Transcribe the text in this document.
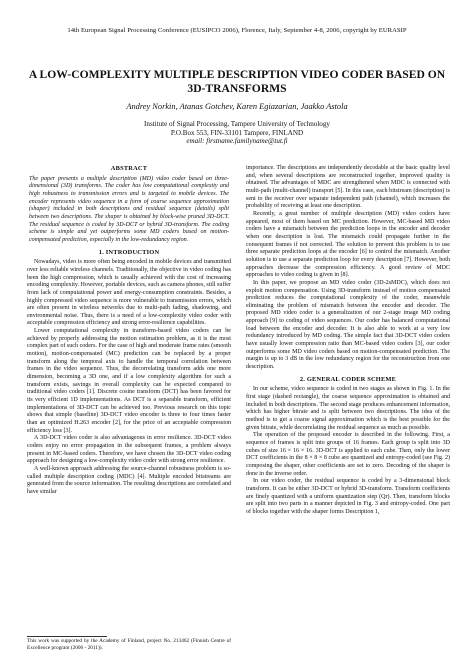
14th European Signal Processing Conference (EUSIPCO 2006), Florence, Italy, September 4-8, 2006, copyright by EURASIP
A LOW-COMPLEXITY MULTIPLE DESCRIPTION VIDEO CODER BASED ON
3D-TRANSFORMS
Andrey Norkin, Atanas Gotchev, Karen Egiazarian, Jaakko Astola
Institute of Signal Processing, Tampere University of Technology
P.O.Box 553, FIN-33101 Tampere, FINLAND
email: firstname.familyname@tut.fi
ABSTRACT
The paper presents a multiple description (MD) video coder based on three-dimensional (3D) transforms. The coder has low computational complexity and high robustness to transmission errors and is targeted to mobile devices. The encoder represents video sequence in a form of coarse sequence approximation (shaper) included in both descriptions and residual sequence (details) split between two descriptions. The shaper is obtained by block-wise pruned 3D-DCT. The residual sequence is coded by 3D-DCT or hybrid 3D-transform. The coding scheme is simple and yet outperforms some MD coders based on motion-compensated prediction, especially in the low-redundancy region.
1. INTRODUCTION

Nowadays, video is more often being encoded in mobile devices and transmitted over less reliable wireless channels. Traditionally, the objective in video coding has been the high compression, which is usually achieved with the cost of increasing encoding complexity. However, portable devices, such as camera phones, still suffer from lack of computational power and energy-consumption constraints. Besides, a highly compressed video sequence is more vulnerable to transmission errors, which are often present in wireless networks due to multi-path fading, shadowing, and environmental noise. Thus, there is a need of a low-complexity video coder with acceptable compression efficiency and strong error-resilience capabilities.

Lower computational complexity in transform-based video coders can be achieved by properly addressing the motion estimation problem, as it is the most complex part of such coders. For the case of high and moderate frame rates (smooth motion), motion-compensated (MC) prediction can be replaced by a proper transform along the temporal axis to handle the temporal correlation between frames in the video sequence. Thus, the decorrelating transform adds one more dimension, becoming a 3D one, and if a low complexity algorithm for such a transform exists, savings in overall complexity can be expected compared to traditional video coders [1]. Discrete cosine transform (DCT) has been favored for its very efficient 1D implementations. As DCT is a separable transform, efficient implementations of 3D-DCT can be achieved too. Previous research on this topic shows that simple (baseline) 3D-DCT video encoder is three to four times faster than an optimized H.263 encoder [2], for the price of an acceptable compression efficiency loss [3].

A 3D-DCT video coder is also advantageous in error resilience. 3D-DCT video coders enjoy no error propagation in the subsequent frames, a problem always present in MC-based coders. Therefore, we have chosen the 3D-DCT video coding approach for designing a low-complexity video coder with strong error resilience.

A well-known approach addressing the source-channel robustness problem is so-called multiple description coding (MDC) [4]. Multiple encoded bitstreams are generated from the source information. The resulting descriptions are correlated and have similar

importance. The descriptions are independently decodable at the basic quality level and, when several descriptions are reconstructed together, improved quality is obtained. The advantages of MDC are strengthened when MDC is connected with multi-path (multi-channel) transport [5]. In this case, each bitstream (description) is sent to the receiver over separate independent path (channel), which increases the probability of receiving at least one description.

Recently, a great number of multiple description (MD) video coders have appeared, most of them based on MC prediction. However, MC-based MD video coders have a mismatch between the prediction loops in the encoder and decoder when one description is lost. The mismatch could propagate further in the consequent frames if not corrected. The solution to prevent this problem is to use three separate prediction loops at the encoder [6] to control the mismatch. Another solution is to use a separate prediction loop for every description [7]. However, both approaches decrease the compression efficiency. A good review of MDC approaches to video coding is given in [8].

In this paper, we propose an MD video coder (3D-2sMDC), which does not exploit motion compensation. Using 3D-transform instead of motion compensated prediction reduces the computational complexity of the coder, meanwhile eliminating the problem of mismatch between the encoder and decoder. The proposed MD video coder is a generalization of our 2-stage image MD coding approach [9] to coding of video sequences. Our coder has balanced computational load between the encoder and decoder. It is also able to work at a very low redundancy introduced by MD coding. The simple fact that 3D-DCT video coders have usually lower compression ratio than MC-based video coders [3], our coder outperforms some MD video coders based on motion-compensated prediction. The margin is up to 3 dB in the low redundancy region for the reconstruction from one description.

2. GENERAL CODER SCHEME

In our scheme, video sequence is coded in two stages as shown in Fig. 1. In the first stage (dashed rectangle), the coarse sequence approximation is obtained and included in both descriptions. The second stage produces enhancement information, which has higher bitrate and is split between two descriptions. The idea of the method is to get a coarse signal approximation which is the best possible for the given bitrate, while decorrelating the residual sequence as much as possible.

The operation of the proposed encoder is described in the following. First, a sequence of frames is split into groups of 16 frames. Each group is split into 3D cubes of size 16 × 16 × 16. 3D-DCT is applied to each cube. Then, only the lower DCT coefficients in the 8 × 8 × 8 cube are quantized and entropy-coded (see Fig. 2) composing the shaper, other coefficients are set to zero. Decoding of the shaper is done in the inverse order.

In our video coder, the residual sequence is coded by a 3-dimensional block transform. It can be either 3D-DCT or hybrid 3D-transform. Transform coefficients are finely quantized with a uniform quantization step (Qr). Then, transform blocks are split into two parts in a manner depicted in Fig. 3 and entropy-coded. One part of blocks together with the shaper forms Description 1,

This work was supported by the Academy of Finland, project No. 213462 (Finnish Centre of Excellence program (2006 - 2011)).
